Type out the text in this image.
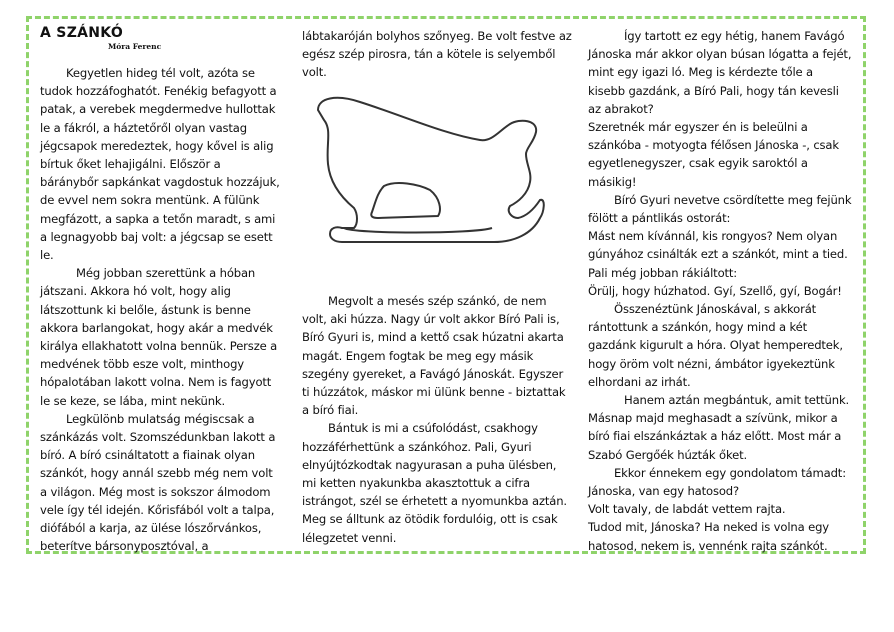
A SZÁNKÓ
Móra Ferenc

Kegyetlen hideg tél volt, azóta se tudok hozzáfoghatót. Fenékig befagyott a patak, a verebek megdermedve hullottak le a fákról, a háztetőről olyan vastag jégcsapok meredeztek, hogy kővel is alig bírtuk őket lehajigálni. Először a báránybőr sapkánkat vagdostuk hozzájuk, de evvel nem sokra mentünk. A fülünk megfázott, a sapka a tetőn maradt, s ami a legnagyobb baj volt: a jégcsap se esett le.

Még jobban szerettünk a hóban játszani. Akkora hó volt, hogy alig látszottunk ki belőle, ástunk is benne akkora barlangokat, hogy akár a medvék királya ellakhatott volna bennük. Persze a medvének több esze volt, minthogy hópalotában lakott volna. Nem is fagyott le se keze, se lába, mint nekünk.

Legkülönb mulatság mégiscsak a szánkázás volt. Szomszédunkban lakott a bíró. A bíró csináltatott a fiainak olyan szánkót, hogy annál szebb még nem volt a világon. Még most is sokszor álmodom vele így tél idején. Kőrisfából volt a talpa, diófából a karja, az ülése lószőrvánkos, beterítve bársonyposztóval, a

lábtakaróján bolyhos szőnyeg. Be volt festve az egész szép pirosra, tán a kötele is selyemből volt.

Megvolt a mesés szép szánkó, de nem volt, aki húzza. Nagy úr volt akkor Bíró Pali is, Bíró Gyuri is, mind a kettő csak húzatni akarta magát. Engem fogtak be meg egy másik szegény gyereket, a Favágó Jánoskát. Egyszer ti húzzátok, máskor mi ülünk benne - biztattak a bíró fiai.

Bántuk is mi a csúfolódást, csakhogy hozzáférhettünk a szánkóhoz. Pali, Gyuri elnyújtózkodtak nagyurasan a puha ülésben, mi ketten nyakunkba akasztottuk a cifra istrángot, szél se érhetett a nyomunkba aztán. Meg se álltunk az ötödik fordulóig, ott is csak lélegzetet venni.

Így tartott ez egy hétig, hanem Favágó Jánoska már akkor olyan búsan lógatta a fejét, mint egy igazi ló. Meg is kérdezte tőle a kisebb gazdánk, a Bíró Pali, hogy tán kevesli az abrakot?

Szeretnék már egyszer én is beleülni a szánkóba - motyogta félősen Jánoska -, csak egyetlenegyszer, csak egyik saroktól a másikig!

Bíró Gyuri nevetve csördítette meg fejünk fölött a pántlikás ostorát:

Mást nem kívánnál, kis rongyos? Nem olyan gúnyához csinálták ezt a szánkót, mint a tied.

Pali még jobban rákiáltott:

Örülj, hogy húzhatod. Gyí, Szellő, gyí, Bogár!

Összenéztünk Jánoskával, s akkorát rántottunk a szánkón, hogy mind a két gazdánk kigurult a hóra. Olyat hemperedtek, hogy öröm volt nézni, ámbátor igyekeztünk elhordani az irhát.

Hanem aztán megbántuk, amit tettünk. Másnap majd meghasadt a szívünk, mikor a bíró fiai elszánkáztak a ház előtt. Most már a Szabó Gergőék húzták őket.

Ekkor énnekem egy gondolatom támadt:

Jánoska, van egy hatosod?

Volt tavaly, de labdát vettem rajta.

Tudod mit, Jánoska? Ha neked is volna egy hatosod, nekem is, vennénk rajta szánkót.
